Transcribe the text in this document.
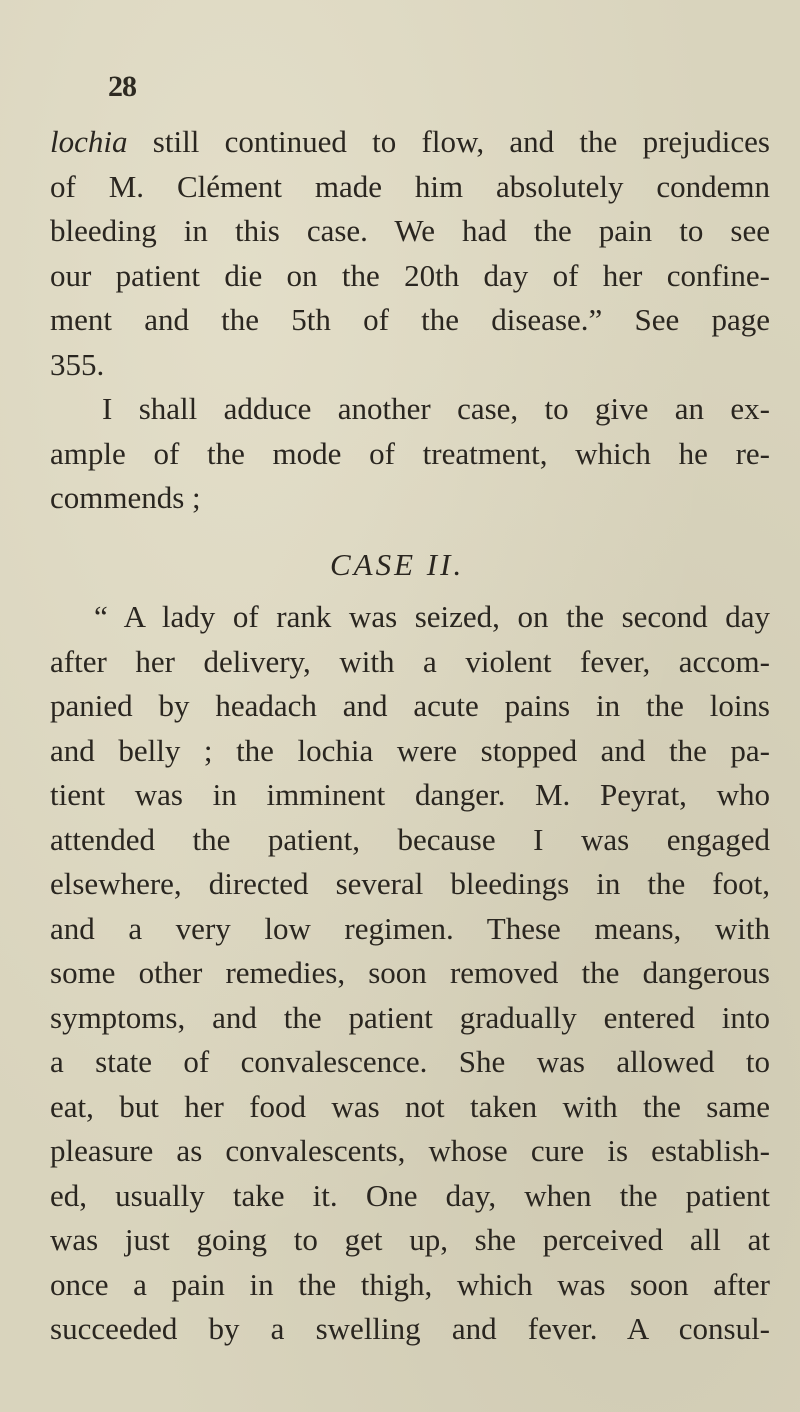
28
lochia still continued to flow, and the prejudices
of M. Clément made him absolutely condemn
bleeding in this case. We had the pain to see
our patient die on the 20th day of her confine-
ment and the 5th of the disease.” See page
355.
I shall adduce another case, to give an ex-
ample of the mode of treatment, which he re-
commends ;
CASE II.
“ A lady of rank was seized, on the second day
after her delivery, with a violent fever, accom-
panied by headach and acute pains in the loins
and belly ; the lochia were stopped and the pa-
tient was in imminent danger. M. Peyrat, who
attended the patient, because I was engaged
elsewhere, directed several bleedings in the foot,
and a very low regimen. These means, with
some other remedies, soon removed the dangerous
symptoms, and the patient gradually entered into
a state of convalescence. She was allowed to
eat, but her food was not taken with the same
pleasure as convalescents, whose cure is establish-
ed, usually take it. One day, when the patient
was just going to get up, she perceived all at
once a pain in the thigh, which was soon after
succeeded by a swelling and fever. A consul-
